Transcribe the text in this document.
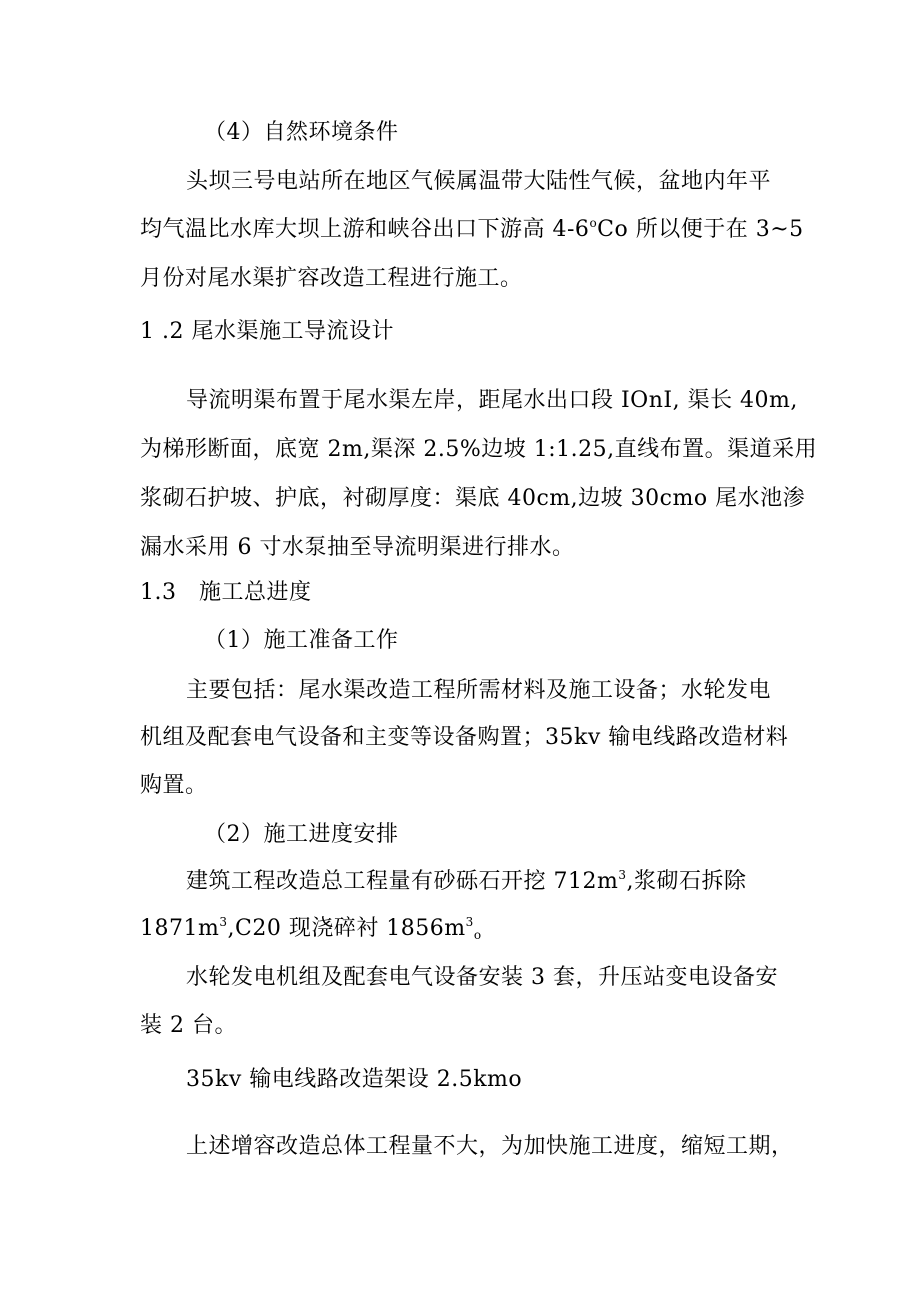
（4）自然环境条件
头坝三号电站所在地区气候属温带大陆性气候，盆地内年平
均气温比水库大坝上游和峡谷出口下游高 4-6$^o$Co 所以便于在 3~5
月份对尾水渠扩容改造工程进行施工。
1 .2 尾水渠施工导流设计
导流明渠布置于尾水渠左岸，距尾水出口段 IOnI, 渠长 40m,
为梯形断面，底宽 2m,渠深 2.5%边坡 1:1.25,直线布置。渠道采用
浆砌石护坡、护底，衬砌厚度：渠底 40cm,边坡 30cmo 尾水池渗
漏水采用 6 寸水泵抽至导流明渠进行排水。
1.3　施工总进度
（1）施工准备工作
主要包括：尾水渠改造工程所需材料及施工设备；水轮发电
机组及配套电气设备和主变等设备购置；35kv 输电线路改造材料
购置。
（2）施工进度安排
建筑工程改造总工程量有砂砾石开挖 $712m^3$,浆砌石拆除
$1871m^3,C20$ 现浇碎衬 $1856m^3_o$
水轮发电机组及配套电气设备安装 3 套，升压站变电设备安
装 2 台。
35kv 输电线路改造架设 2.5kmo
上述增容改造总体工程量不大，为加快施工进度，缩短工期，
